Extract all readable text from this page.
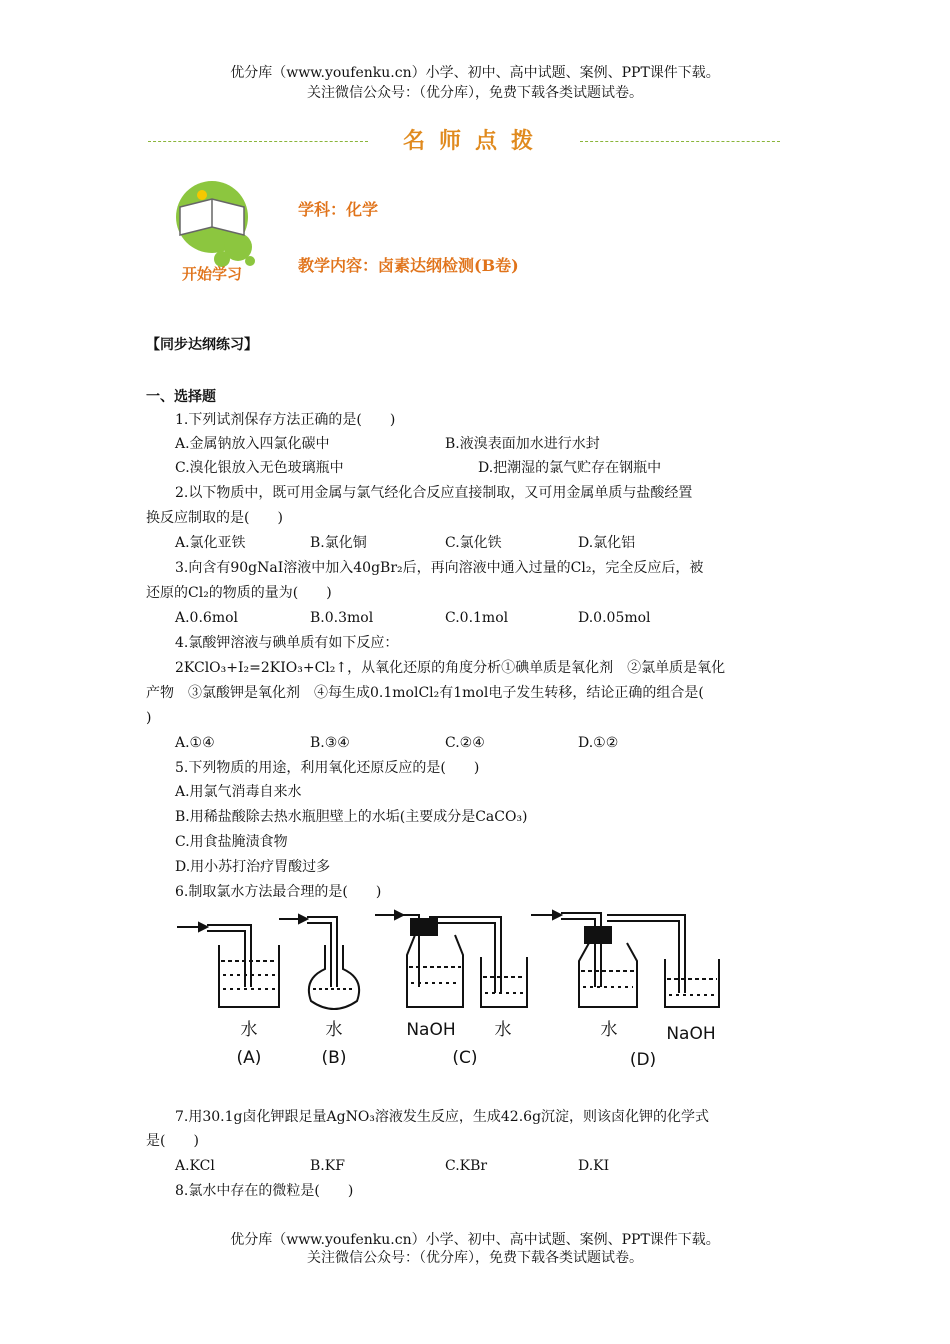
优分库（www.youfenku.cn）小学、初中、高中试题、案例、PPT课件下载。
关注微信公众号：（优分库），免费下载各类试题试卷。
名师点拨
开始学习
学科：化学
教学内容：卤素达纲检测(B卷)
【同步达纲练习】
一、选择题
1.下列试剂保存方法正确的是(　　)
A.金属钠放入四氯化碳中	B.液溴表面加水进行水封
C.溴化银放入无色玻璃瓶中	D.把潮湿的氯气贮存在钢瓶中
2.以下物质中，既可用金属与氯气经化合反应直接制取，又可用金属单质与盐酸经置
换反应制取的是(　　)
A.氯化亚铁	B.氯化铜	C.氯化铁	D.氯化铝
3.向含有90gNaI溶液中加入40gBr₂后，再向溶液中通入过量的Cl₂，完全反应后，被
还原的Cl₂的物质的量为(　　)
A.0.6mol	B.0.3mol	C.0.1mol	D.0.05mol
4.氯酸钾溶液与碘单质有如下反应：
2KClO₃+I₂=2KIO₃+Cl₂↑，从氧化还原的角度分析①碘单质是氧化剂　②氯单质是氧化
产物　③氯酸钾是氧化剂　④每生成0.1molCl₂有1mol电子发生转移，结论正确的组合是(
)
A.①④	B.③④	C.②④	D.①②
5.下列物质的用途，利用氧化还原反应的是(　　)
A.用氯气消毒自来水
B.用稀盐酸除去热水瓶胆壁上的水垢(主要成分是CaCO₃)
C.用食盐腌渍食物
D.用小苏打治疗胃酸过多
6.制取氯水方法最合理的是(　　)
水
(A)
水
(B)
NaOH 水
(C)
水	NaOH
(D)
7.用30.1g卤化钾跟足量AgNO₃溶液发生反应，生成42.6g沉淀，则该卤化钾的化学式
是(　　)
A.KCl	B.KF	C.KBr	D.KI
8.氯水中存在的微粒是(　　)
优分库（www.youfenku.cn）小学、初中、高中试题、案例、PPT课件下载。
关注微信公众号：（优分库），免费下载各类试题试卷。
